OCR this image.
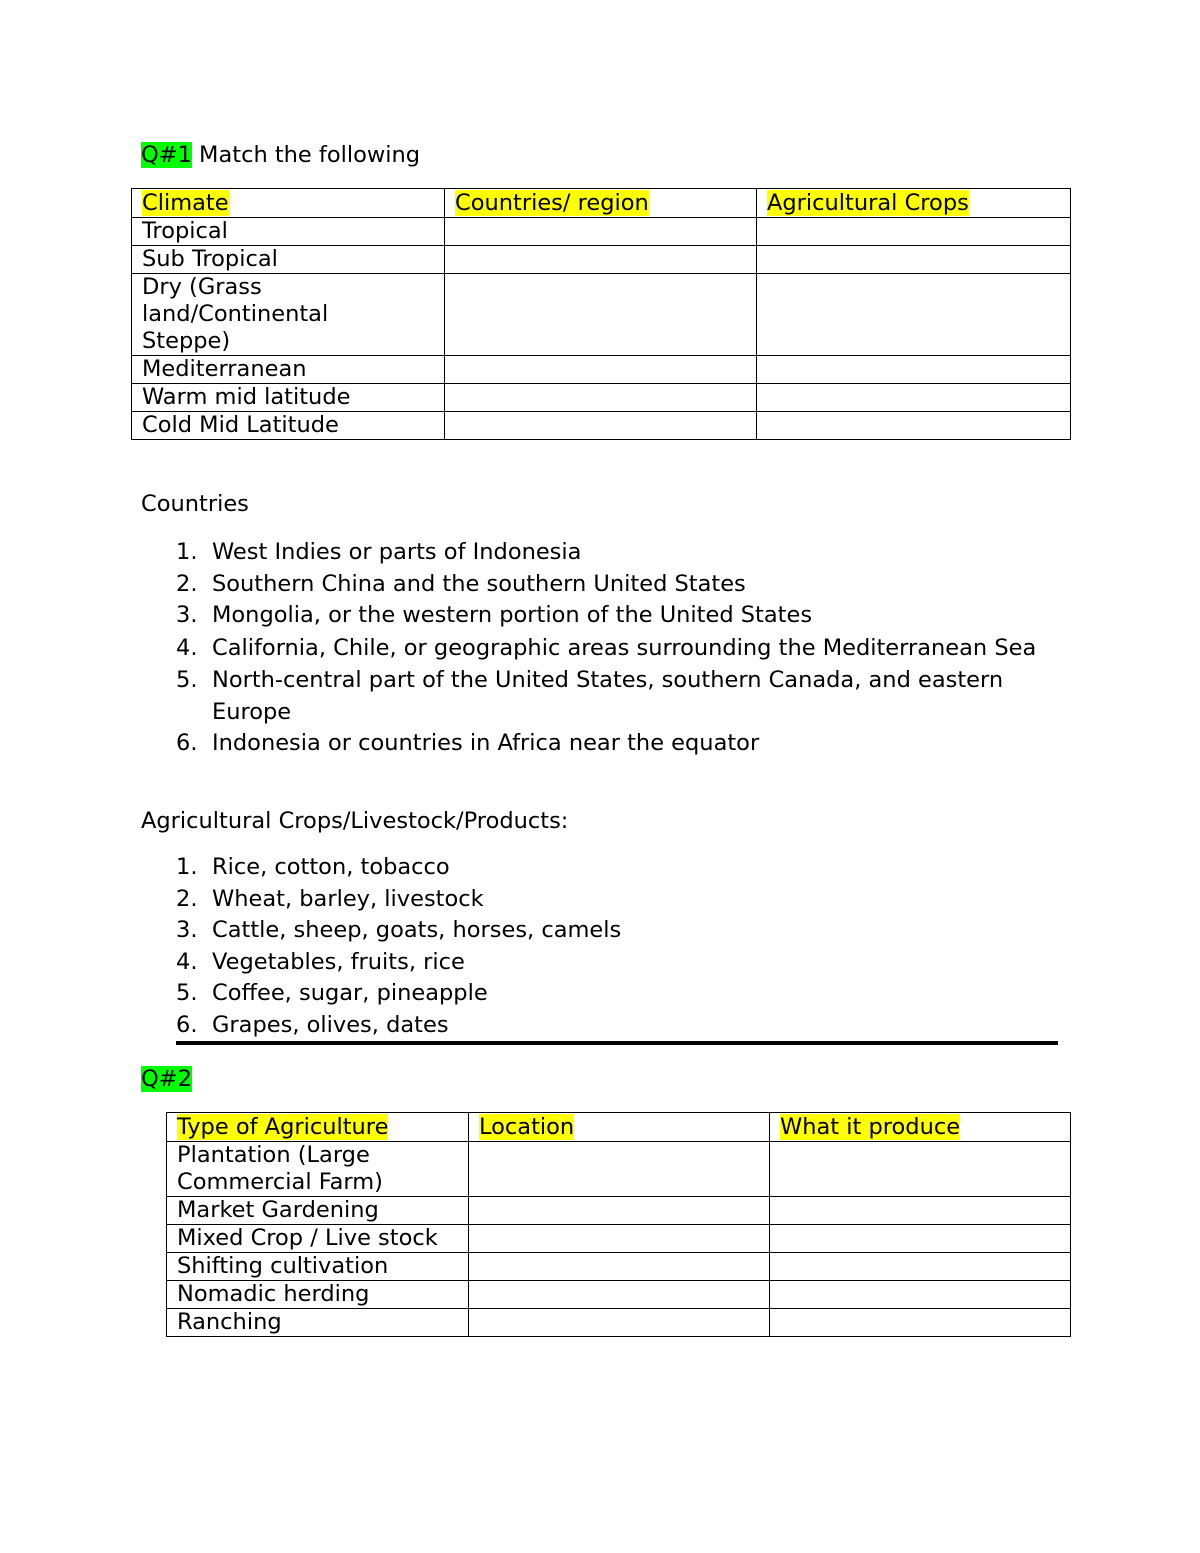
Q#1 Match the following
Climate	Countries/ region	Agricultural Crops
Tropical		
Sub Tropical		
Dry (Grass land/Continental Steppe)		
Mediterranean		
Warm mid latitude		
Cold Mid Latitude		
Countries
1. West Indies or parts of Indonesia
2. Southern China and the southern United States
3. Mongolia, or the western portion of the United States
4. California, Chile, or geographic areas surrounding the Mediterranean Sea
5. North-central part of the United States, southern Canada, and eastern Europe
6. Indonesia or countries in Africa near the equator
Agricultural Crops/Livestock/Products:
1. Rice, cotton, tobacco
2. Wheat, barley, livestock
3. Cattle, sheep, goats, horses, camels
4. Vegetables, fruits, rice
5. Coffee, sugar, pineapple
6. Grapes, olives, dates
Q#2
Type of Agriculture	Location	What it produce
Plantation (Large Commercial Farm)		
Market Gardening		
Mixed Crop / Live stock		
Shifting cultivation		
Nomadic herding		
Ranching		
